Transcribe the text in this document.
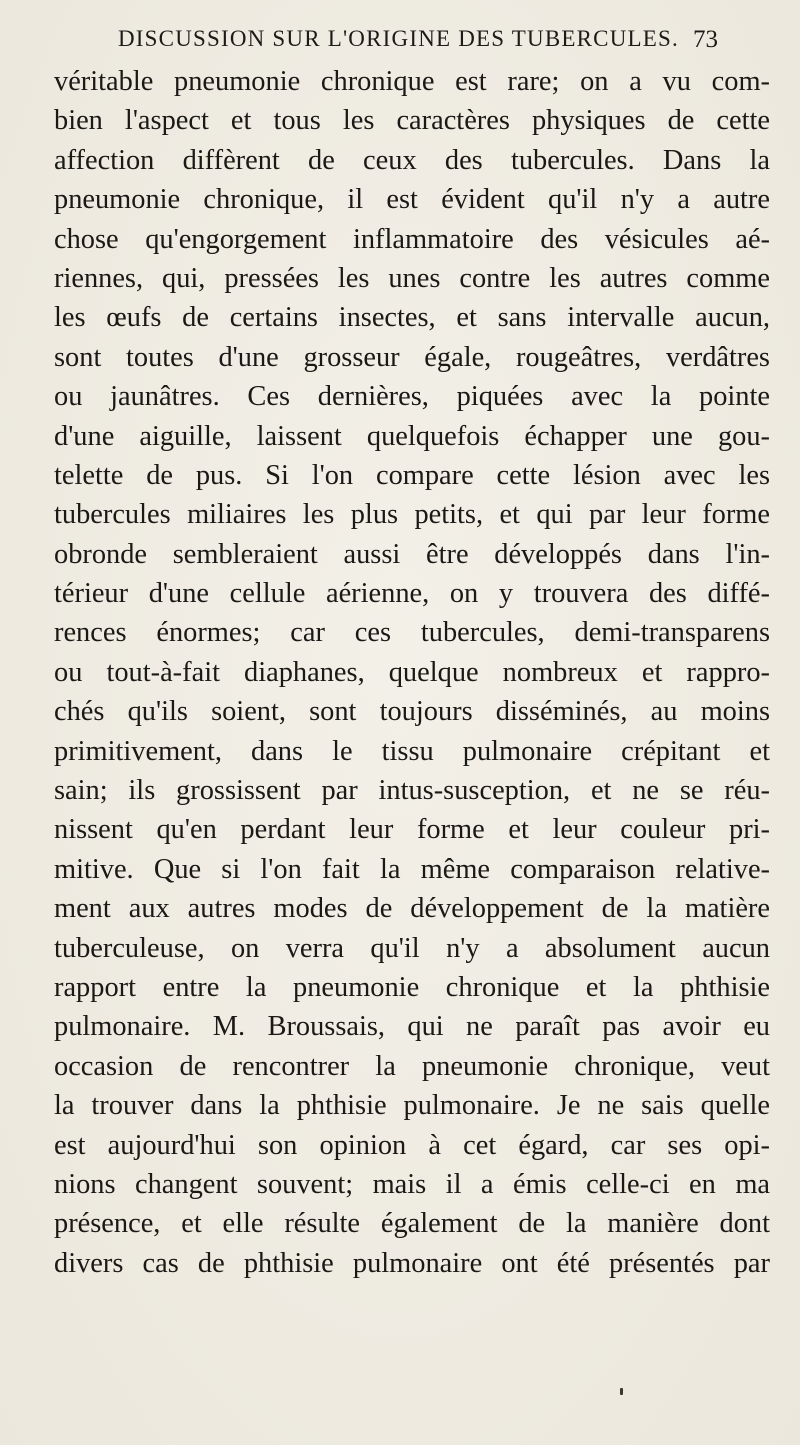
DISCUSSION SUR L'ORIGINE DES TUBERCULES. 73
véritable pneumonie chronique est rare; on a vu com-
bien l'aspect et tous les caractères physiques de cette
affection diffèrent de ceux des tubercules. Dans la
pneumonie chronique, il est évident qu'il n'y a autre
chose qu'engorgement inflammatoire des vésicules aé-
riennes, qui, pressées les unes contre les autres comme
les œufs de certains insectes, et sans intervalle aucun,
sont toutes d'une grosseur égale, rougeâtres, verdâtres
ou jaunâtres. Ces dernières, piquées avec la pointe
d'une aiguille, laissent quelquefois échapper une gou-
telette de pus. Si l'on compare cette lésion avec les
tubercules miliaires les plus petits, et qui par leur forme
obronde sembleraient aussi être développés dans l'in-
térieur d'une cellule aérienne, on y trouvera des diffé-
rences énormes; car ces tubercules, demi-transparens
ou tout-à-fait diaphanes, quelque nombreux et rappro-
chés qu'ils soient, sont toujours disséminés, au moins
primitivement, dans le tissu pulmonaire crépitant et
sain; ils grossissent par intus-susception, et ne se réu-
nissent qu'en perdant leur forme et leur couleur pri-
mitive. Que si l'on fait la même comparaison relative-
ment aux autres modes de développement de la matière
tuberculeuse, on verra qu'il n'y a absolument aucun
rapport entre la pneumonie chronique et la phthisie
pulmonaire. M. Broussais, qui ne paraît pas avoir eu
occasion de rencontrer la pneumonie chronique, veut
la trouver dans la phthisie pulmonaire. Je ne sais quelle
est aujourd'hui son opinion à cet égard, car ses opi-
nions changent souvent; mais il a émis celle-ci en ma
présence, et elle résulte également de la manière dont
divers cas de phthisie pulmonaire ont été présentés par
